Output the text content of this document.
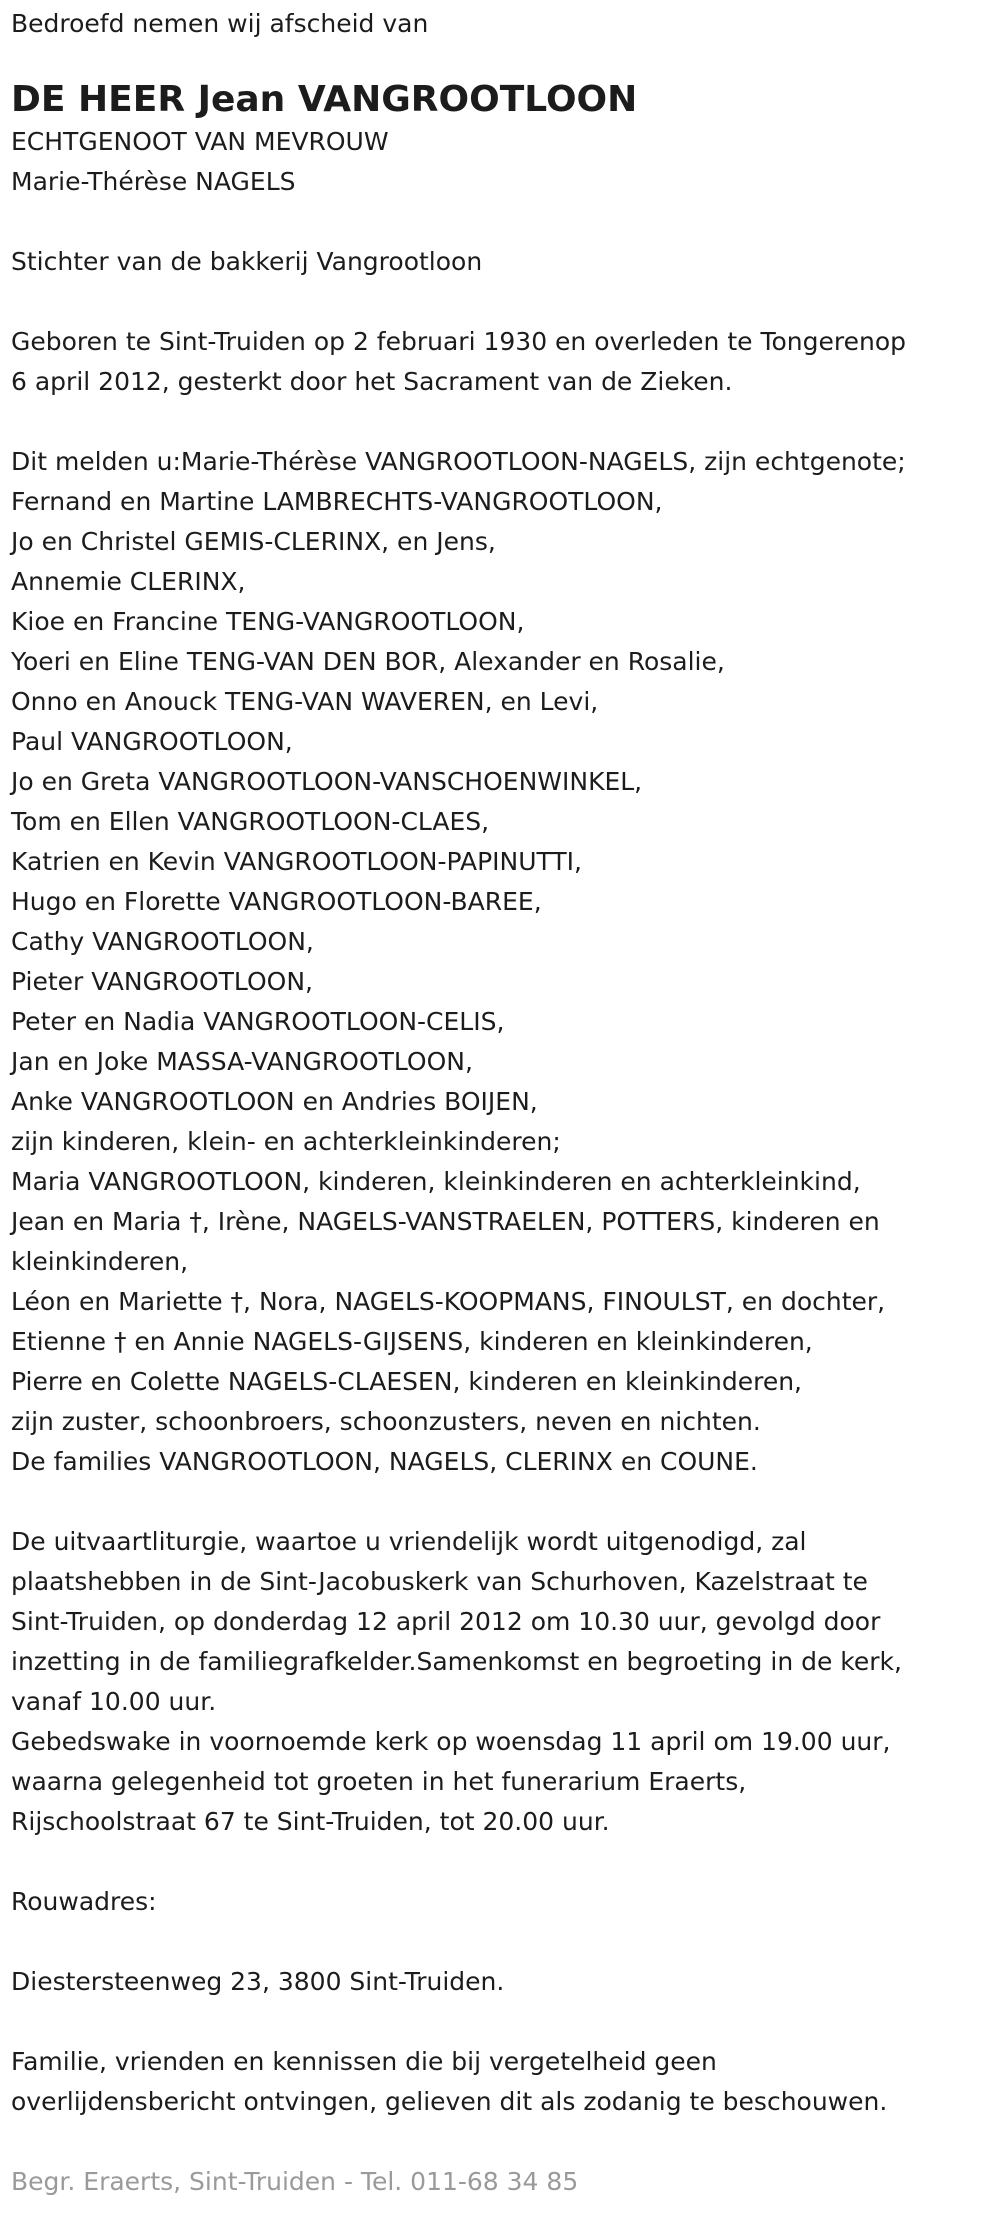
Bedroefd nemen wij afscheid van
DE HEER Jean VANGROOTLOON
ECHTGENOOT VAN MEVROUW
Marie-Thérèse NAGELS
Stichter van de bakkerij Vangrootloon
Geboren te Sint-Truiden op 2 februari 1930 en overleden te Tongerenop
6 april 2012, gesterkt door het Sacrament van de Zieken.
Dit melden u:Marie-Thérèse VANGROOTLOON-NAGELS, zijn echtgenote;
Fernand en Martine LAMBRECHTS-VANGROOTLOON,
Jo en Christel GEMIS-CLERINX, en Jens,
Annemie CLERINX,
Kioe en Francine TENG-VANGROOTLOON,
Yoeri en Eline TENG-VAN DEN BOR, Alexander en Rosalie,
Onno en Anouck TENG-VAN WAVEREN, en Levi,
Paul VANGROOTLOON,
Jo en Greta VANGROOTLOON-VANSCHOENWINKEL,
Tom en Ellen VANGROOTLOON-CLAES,
Katrien en Kevin VANGROOTLOON-PAPINUTTI,
Hugo en Florette VANGROOTLOON-BAREE,
Cathy VANGROOTLOON,
Pieter VANGROOTLOON,
Peter en Nadia VANGROOTLOON-CELIS,
Jan en Joke MASSA-VANGROOTLOON,
Anke VANGROOTLOON en Andries BOIJEN,
zijn kinderen, klein- en achterkleinkinderen;
Maria VANGROOTLOON, kinderen, kleinkinderen en achterkleinkind,
Jean en Maria †, Irène, NAGELS-VANSTRAELEN, POTTERS, kinderen en
kleinkinderen,
Léon en Mariette †, Nora, NAGELS-KOOPMANS, FINOULST, en dochter,
Etienne † en Annie NAGELS-GIJSENS, kinderen en kleinkinderen,
Pierre en Colette NAGELS-CLAESEN, kinderen en kleinkinderen,
zijn zuster, schoonbroers, schoonzusters, neven en nichten.
De families VANGROOTLOON, NAGELS, CLERINX en COUNE.
De uitvaartliturgie, waartoe u vriendelijk wordt uitgenodigd, zal
plaatshebben in de Sint-Jacobuskerk van Schurhoven, Kazelstraat te
Sint-Truiden, op donderdag 12 april 2012 om 10.30 uur, gevolgd door
inzetting in de familiegrafkelder.Samenkomst en begroeting in de kerk,
vanaf 10.00 uur.
Gebedswake in voornoemde kerk op woensdag 11 april om 19.00 uur,
waarna gelegenheid tot groeten in het funerarium Eraerts,
Rijschoolstraat 67 te Sint-Truiden, tot 20.00 uur.
Rouwadres:
Diestersteenweg 23, 3800 Sint-Truiden.
Familie, vrienden en kennissen die bij vergetelheid geen
overlijdensbericht ontvingen, gelieven dit als zodanig te beschouwen.
Begr. Eraerts, Sint-Truiden - Tel. 011-68 34 85
